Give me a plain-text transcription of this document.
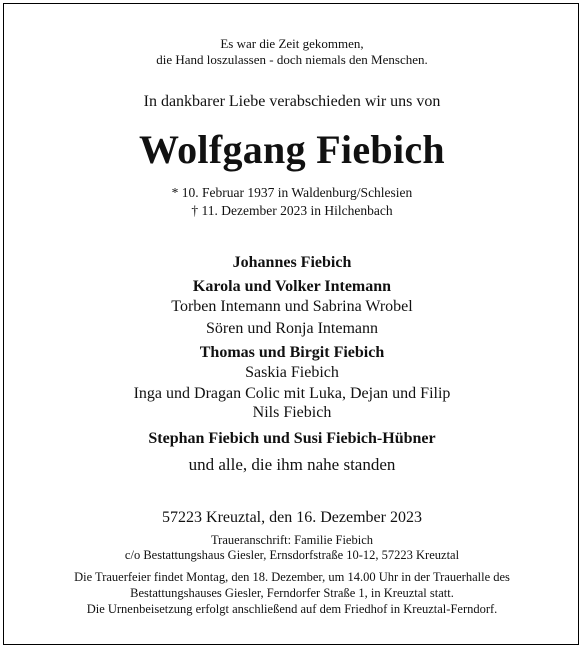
Es war die Zeit gekommen,
die Hand loszulassen - doch niemals den Menschen.
In dankbarer Liebe verabschieden wir uns von
Wolfgang Fiebich
* 10. Februar 1937 in Waldenburg/Schlesien
† 11. Dezember 2023 in Hilchenbach
Johannes Fiebich
Karola und Volker Intemann
Torben Intemann und Sabrina Wrobel
Sören und Ronja Intemann
Thomas und Birgit Fiebich
Saskia Fiebich
Inga und Dragan Colic mit Luka, Dejan und Filip
Nils Fiebich
Stephan Fiebich und Susi Fiebich-Hübner
und alle, die ihm nahe standen
57223 Kreuztal, den 16. Dezember 2023
Traueranschrift: Familie Fiebich
c/o Bestattungshaus Giesler, Ernsdorfstraße 10-12, 57223 Kreuztal
Die Trauerfeier findet Montag, den 18. Dezember, um 14.00 Uhr in der Trauerhalle des
Bestattungshauses Giesler, Ferndorfer Straße 1, in Kreuztal statt.
Die Urnenbeisetzung erfolgt anschließend auf dem Friedhof in Kreuztal-Ferndorf.
